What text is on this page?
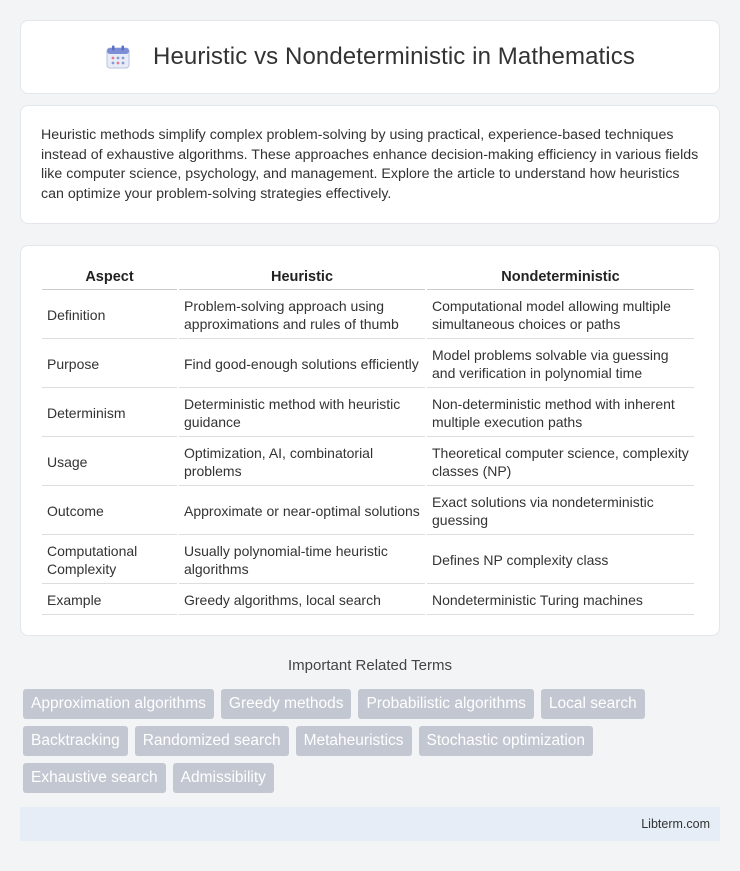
Heuristic vs Nondeterministic in Mathematics

Heuristic methods simplify complex problem-solving by using practical, experience-based techniques instead of exhaustive algorithms. These approaches enhance decision-making efficiency in various fields like computer science, psychology, and management. Explore the article to understand how heuristics can optimize your problem-solving strategies effectively.

Aspect	Heuristic	Nondeterministic
Definition	Problem-solving approach using approximations and rules of thumb	Computational model allowing multiple simultaneous choices or paths
Purpose	Find good-enough solutions efficiently	Model problems solvable via guessing and verification in polynomial time
Determinism	Deterministic method with heuristic guidance	Non-deterministic method with inherent multiple execution paths
Usage	Optimization, AI, combinatorial problems	Theoretical computer science, complexity classes (NP)
Outcome	Approximate or near-optimal solutions	Exact solutions via nondeterministic guessing
Computational Complexity	Usually polynomial-time heuristic algorithms	Defines NP complexity class
Example	Greedy algorithms, local search	Nondeterministic Turing machines
Important Related Terms
Approximation algorithms	Greedy methods	Probabilistic algorithms	Local search
Backtracking	Randomized search	Metaheuristics	Stochastic optimization
Exhaustive search	Admissibility
Libterm.com
